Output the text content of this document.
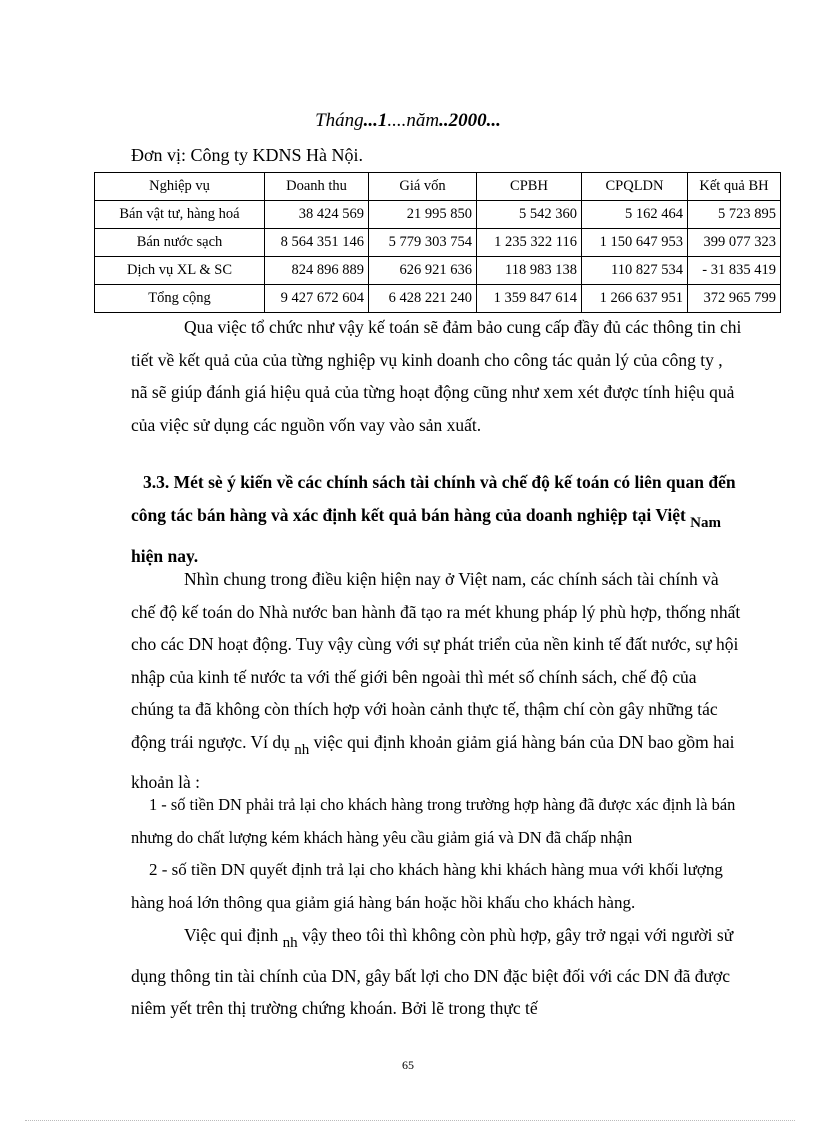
Tháng...1....năm..2000...
Đơn vị: Công ty KDNS Hà Nội.
Nghiệp vụ	Doanh thu	Giá vốn	CPBH	CPQLDN	Kết quả BH
Bán vật tư, hàng hoá	38 424 569	21 995 850	5 542 360	5 162 464	5 723 895
Bán nước sạch	8 564 351 146	5 779 303 754	1 235 322 116	1 150 647 953	399 077 323
Dịch vụ XL & SC	824 896 889	626 921 636	118 983 138	110 827 534	- 31 835 419
Tổng cộng	9 427 672 604	6 428 221 240	1 359 847 614	1 266 637 951	372 965 799
Qua việc tổ chức như vậy kế toán sẽ đảm bảo cung cấp đầy đủ các thông tin chi tiết về kết quả của của từng nghiệp vụ kinh doanh cho công tác quản lý của công ty , nã sẽ giúp đánh giá hiệu quả của từng hoạt động cũng như xem xét được tính hiệu quả của việc sử dụng các nguồn vốn vay vào sản xuất.
3.3. Mét sè ý kiến về các chính sách tài chính và chế độ kế toán có liên quan đến công tác bán hàng và xác định kết quả bán hàng của doanh nghiệp tại Việt Nam hiện nay.
Nhìn chung trong điều kiện hiện nay ở Việt nam, các chính sách tài chính và chế độ kế toán do Nhà nước ban hành đã tạo ra mét khung pháp lý phù hợp, thống nhất cho các DN hoạt động. Tuy vậy cùng với sự phát triển của nền kinh tế đất nước, sự hội nhập của kinh tế nước ta với thế giới bên ngoài thì mét số chính sách, chế độ của chúng ta đã không còn thích hợp với hoàn cảnh thực tế, thậm chí còn gây những tác động trái ngược. Ví dụ nh việc qui định khoản giảm giá hàng bán của DN bao gồm hai khoản là :
1 - số tiền DN phải trả lại cho khách hàng trong trường hợp hàng đã được xác định là bán nhưng do chất lượng kém khách hàng yêu cầu giảm giá và DN đã chấp nhận
2 - số tiền DN quyết định trả lại cho khách hàng khi khách hàng mua với khối lượng hàng hoá lớn thông qua giảm giá hàng bán hoặc hồi khấu cho khách hàng.
Việc qui định nh vậy theo tôi thì không còn phù hợp, gây trở ngại với người sử dụng thông tin tài chính của DN, gây bất lợi cho DN đặc biệt đối với các DN đã được niêm yết trên thị trường chứng khoán. Bởi lẽ trong thực tế
65
